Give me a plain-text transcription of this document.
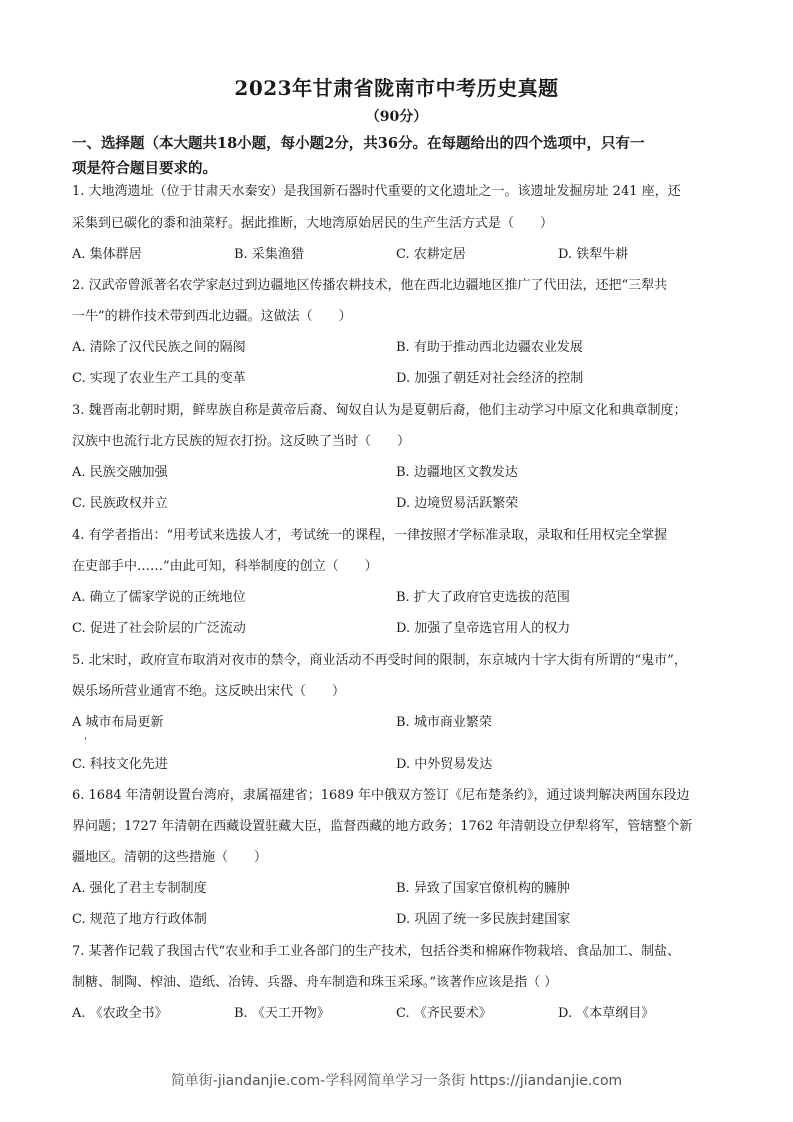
2023年甘肃省陇南市中考历史真题
（90分）
一、选择题（本大题共18小题，每小题2分，共36分。在每题给出的四个选项中，只有一
项是符合题目要求的。
1. 大地湾遗址（位于甘肃天水秦安）是我国新石器时代重要的文化遗址之一。该遗址发掘房址 241 座，还
采集到已碳化的黍和油菜籽。据此推断，大地湾原始居民的生产生活方式是（　　）
A. 集体群居	B. 采集渔猎	C. 农耕定居	D. 铁犁牛耕
2. 汉武帝曾派著名农学家赵过到边疆地区传播农耕技术，他在西北边疆地区推广了代田法，还把“三犁共
一牛”的耕作技术带到西北边疆。这做法（　　）
A. 清除了汉代民族之间的隔阂	B. 有助于推动西北边疆农业发展
C. 实现了农业生产工具的变革	D. 加强了朝廷对社会经济的控制
3. 魏晋南北朝时期，鲜卑族自称是黄帝后裔、匈奴自认为是夏朝后裔，他们主动学习中原文化和典章制度；
汉族中也流行北方民族的短衣打扮。这反映了当时（　　）
A. 民族交融加强	B. 边疆地区文教发达
C. 民族政权并立	D. 边境贸易活跃繁荣
4. 有学者指出：“用考试来选拔人才，考试统一的课程，一律按照才学标准录取，录取和任用权完全掌握
在吏部手中……”由此可知，科举制度的创立（　　）
A. 确立了儒家学说的正统地位	B. 扩大了政府官吏选拔的范围
C. 促进了社会阶层的广泛流动	D. 加强了皇帝选官用人的权力
5. 北宋时，政府宣布取消对夜市的禁令，商业活动不再受时间的限制，东京城内十字大街有所谓的“鬼市”，
娱乐场所营业通宵不绝。这反映出宋代（　　）
A 城市布局更新	B. 城市商业繁荣
C. 科技文化先进	D. 中外贸易发达
6. 1684 年清朝设置台湾府，隶属福建省；1689 年中俄双方签订《尼布楚条约》，通过谈判解决两国东段边
界问题；1727 年清朝在西藏设置驻藏大臣，监督西藏的地方政务；1762 年清朝设立伊犁将军，管辖整个新
疆地区。清朝的这些措施（　　）
A. 强化了君主专制制度	B. 异致了国家官僚机构的臃肿
C. 规范了地方行政体制	D. 巩固了统一多民族封建国家
7. 某著作记载了我国古代“农业和手工业各部门的生产技术，包括谷类和棉麻作物栽培、食品加工、制盐、
制糖、制陶、榨油、造纸、冶铸、兵器、舟车制造和珠玉采琢。”该著作应该是指（ ）
A. 《农政全书》	B. 《天工开物》	C. 《齐民要术》	D. 《本草纲目》
简单街-jiandanjie.com-学科网简单学习一条街 https://jiandanjie.com
